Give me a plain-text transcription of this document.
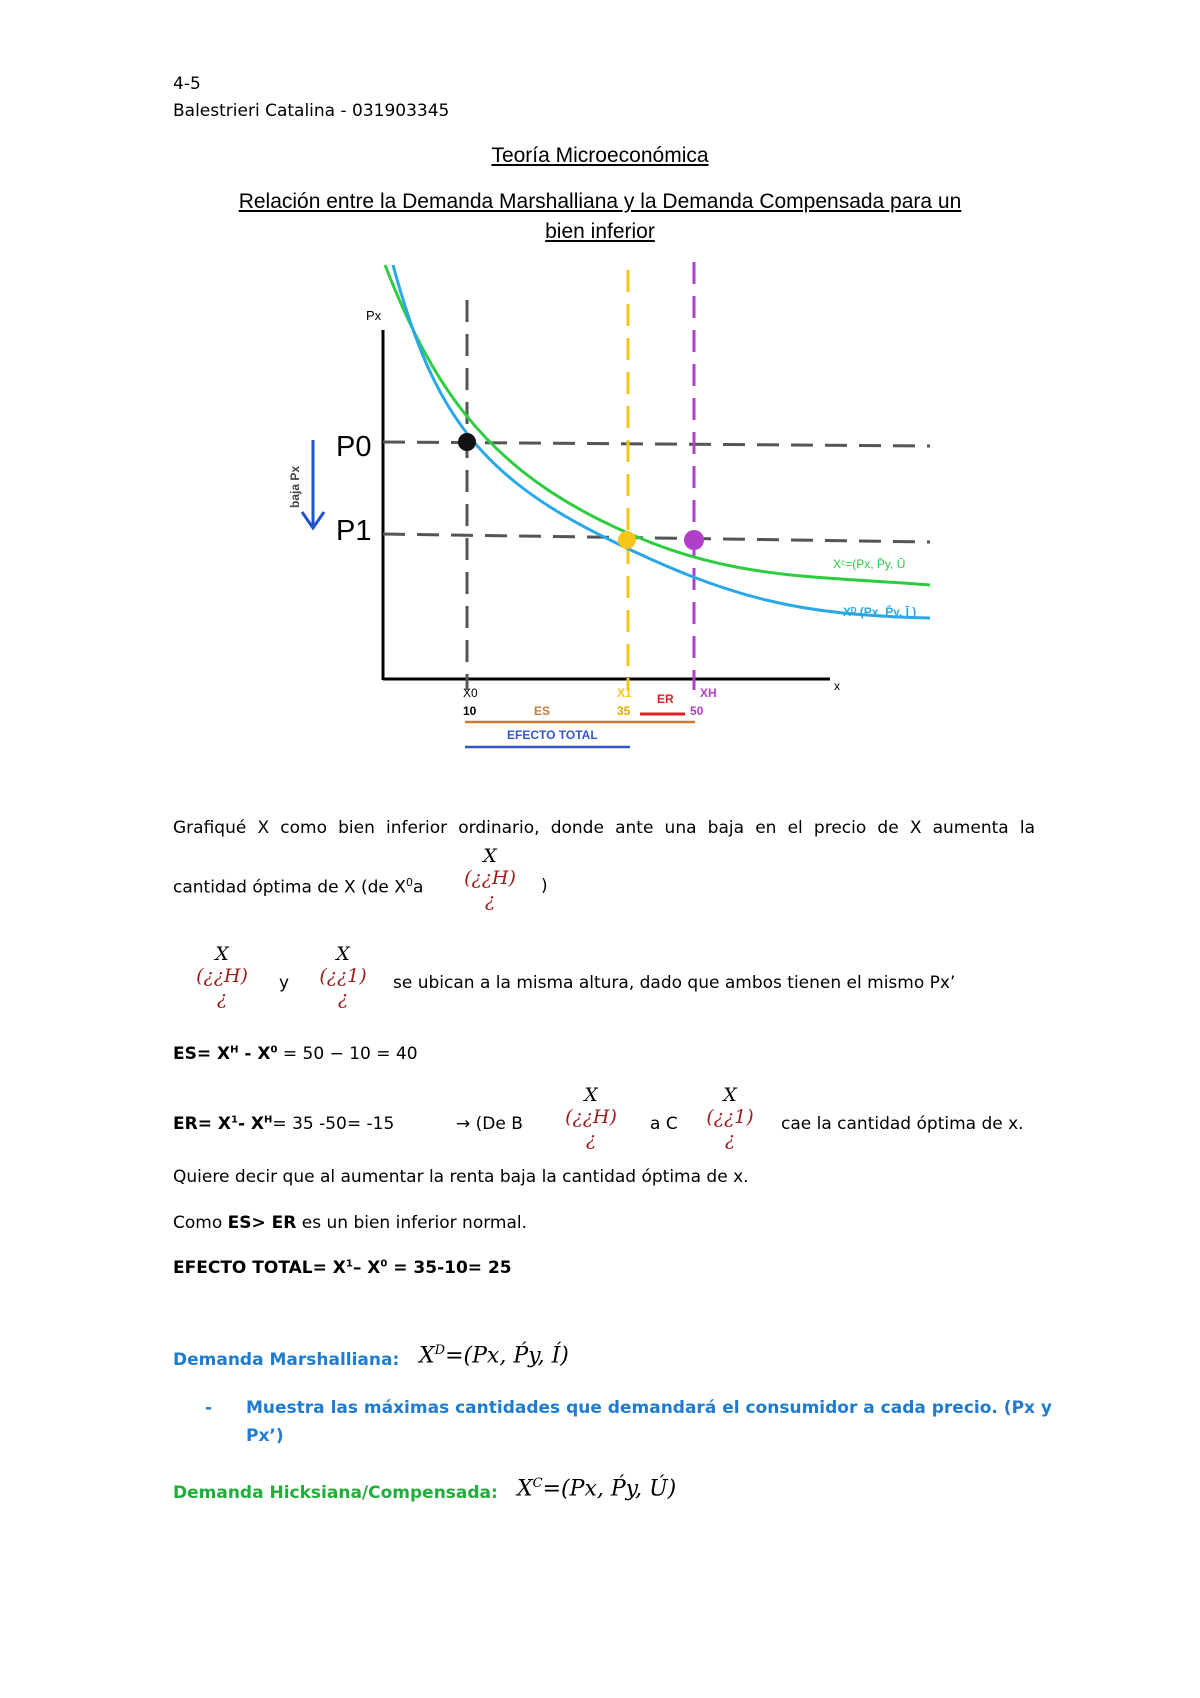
4-5
Balestrieri Catalina - 031903345
Teoría Microeconómica
Relación entre la Demanda Marshalliana y la Demanda Compensada para un
bien inferior
Px
x
P0
P1
baja Px
X0
10
X1
35
XH
50
ES
ER
EFECTO TOTAL
Xᶜ=(Px, P̄y, Ū
Xᴰ (Px, P̄y, Ī )
Grafiqué X como bien inferior ordinario, donde ante una baja en el precio de X aumenta la
cantidad óptima de X (de $X^0a$
X
(¿¿H)
¿
)
X
(¿¿H)
¿
y
X
(¿¿1)
¿
se ubican a la misma altura, dado que ambos tienen el mismo Px’
$ES= X^H - X^0 = 50 - 10 = 40$
$ER= X^1-$ $X^H= 35$ -50= -15	→ (De B
X
(¿¿H)
¿
a C
X
(¿¿1)
¿
cae la cantidad óptima de x.
Quiere decir que al aumentar la renta baja la cantidad óptima de x.
Como ES> ER es un bien inferior normal.
EFECTO TOTAL= $X^1-$ $X^0 = 35-10= 25$
Demanda Marshalliana: $X^D=(Px$, Ṕy, Í)
- Muestra las máximas cantidades que demandará el consumidor a cada precio. (Px y
Px’)
Demanda Hicksiana/Compensada: $X^C=(Px$, Ṕy, Ú)
